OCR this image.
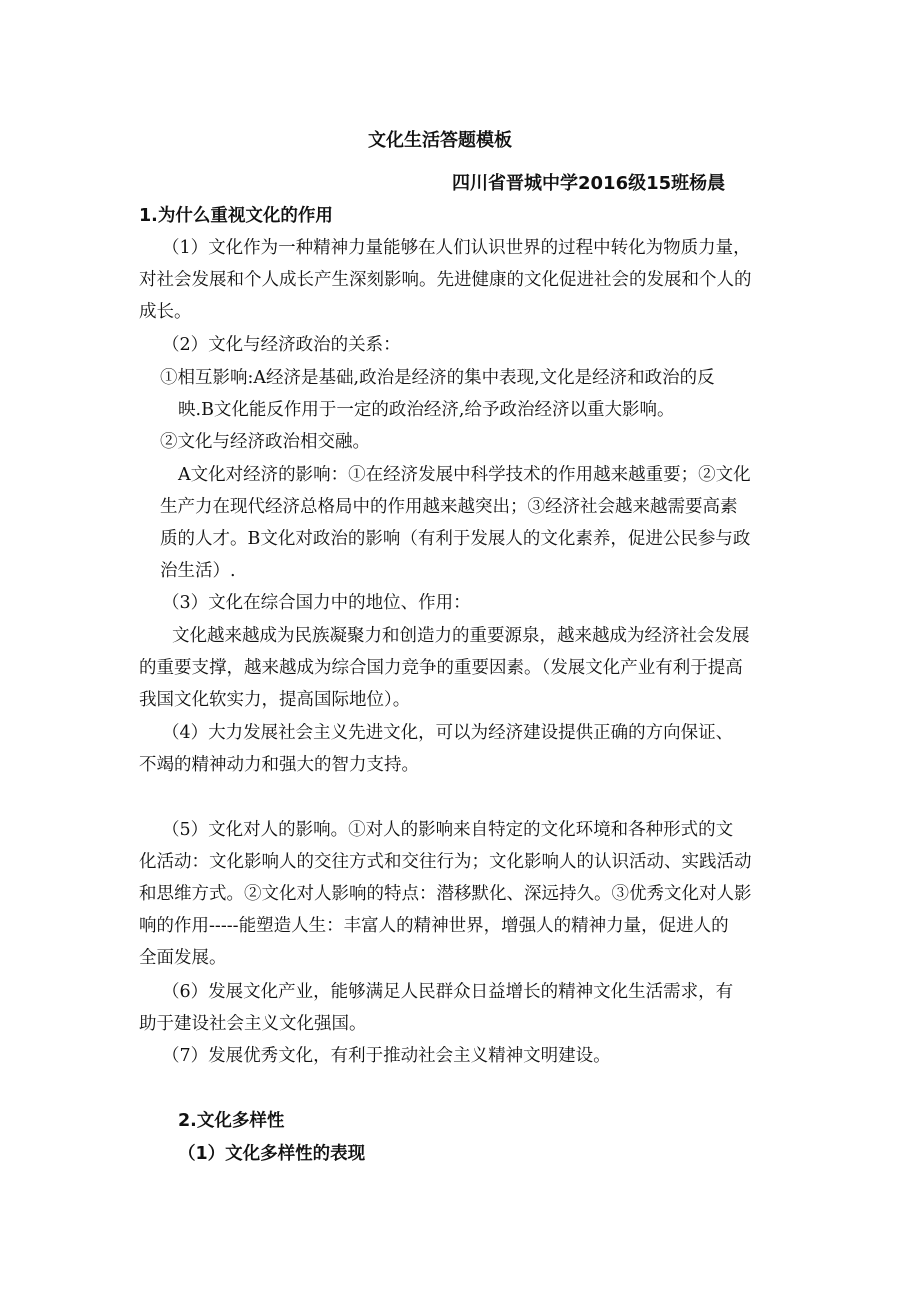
文化生活答题模板
四川省晋城中学2016级15班杨晨
1.为什么重视文化的作用
（1）文化作为一种精神力量能够在人们认识世界的过程中转化为物质力量，
对社会发展和个人成长产生深刻影响。先进健康的文化促进社会的发展和个人的
成长。
（2）文化与经济政治的关系：
①相互影响:A经济是基础,政治是经济的集中表现,文化是经济和政治的反
映.B文化能反作用于一定的政治经济,给予政治经济以重大影响。
②文化与经济政治相交融。
A文化对经济的影响：①在经济发展中科学技术的作用越来越重要；②文化
生产力在现代经济总格局中的作用越来越突出；③经济社会越来越需要高素
质的人才。B文化对政治的影响（有利于发展人的文化素养，促进公民参与政
治生活）.
（3）文化在综合国力中的地位、作用：
文化越来越成为民族凝聚力和创造力的重要源泉，越来越成为经济社会发展
的重要支撑，越来越成为综合国力竞争的重要因素。（发展文化产业有利于提高
我国文化软实力，提高国际地位）。
（4）大力发展社会主义先进文化，可以为经济建设提供正确的方向保证、
不竭的精神动力和强大的智力支持。
（5）文化对人的影响。①对人的影响来自特定的文化环境和各种形式的文
化活动：文化影响人的交往方式和交往行为；文化影响人的认识活动、实践活动
和思维方式。②文化对人影响的特点：潜移默化、深远持久。③优秀文化对人影
响的作用-----能塑造人生：丰富人的精神世界，增强人的精神力量，促进人的
全面发展。
（6）发展文化产业，能够满足人民群众日益增长的精神文化生活需求，有
助于建设社会主义文化强国。
（7）发展优秀文化，有利于推动社会主义精神文明建设。
2.文化多样性
（1）文化多样性的表现
